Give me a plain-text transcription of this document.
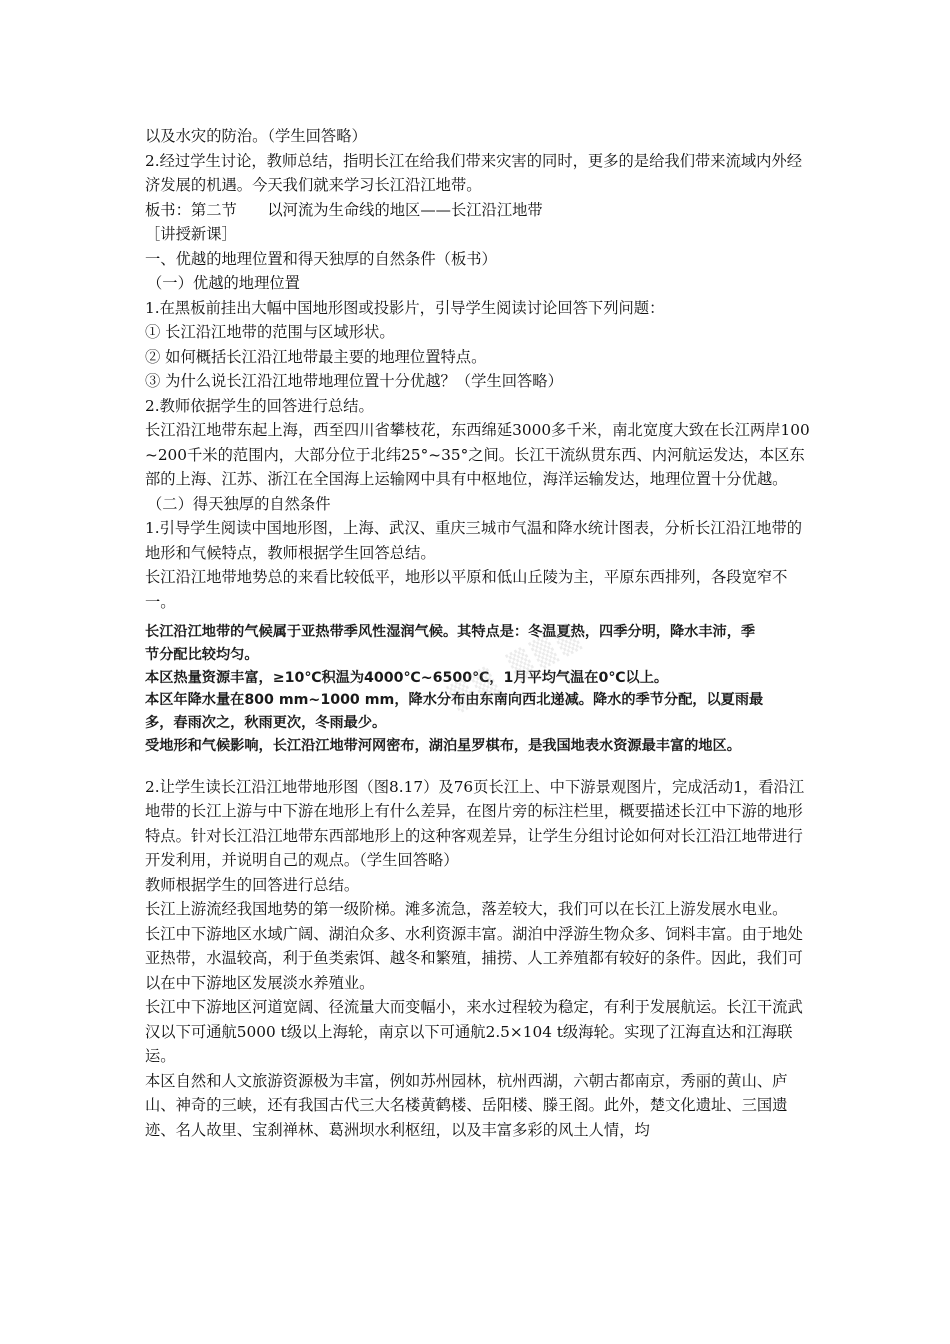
以及水灾的防治。（学生回答略）

2.经过学生讨论，教师总结，指明长江在给我们带来灾害的同时，更多的是给我们带来流域内外经济发展的机遇。今天我们就来学习长江沿江地带。

板书：第二节　　以河流为生命线的地区——长江沿江地带

［讲授新课］

一、优越的地理位置和得天独厚的自然条件（板书）

（一）优越的地理位置

1.在黑板前挂出大幅中国地形图或投影片，引导学生阅读讨论回答下列问题：

① 长江沿江地带的范围与区域形状。

② 如何概括长江沿江地带最主要的地理位置特点。

③ 为什么说长江沿江地带地理位置十分优越？（学生回答略）

2.教师依据学生的回答进行总结。

长江沿江地带东起上海，西至四川省攀枝花，东西绵延3000多千米，南北宽度大致在长江两岸100~200千米的范围内，大部分位于北纬25°~35°之间。长江干流纵贯东西、内河航运发达，本区东部的上海、江苏、浙江在全国海上运输网中具有中枢地位，海洋运输发达，地理位置十分优越。

（二）得天独厚的自然条件

1.引导学生阅读中国地形图，上海、武汉、重庆三城市气温和降水统计图表，分析长江沿江地带的地形和气候特点，教师根据学生回答总结。

长江沿江地带地势总的来看比较低平，地形以平原和低山丘陵为主，平原东西排列，各段宽窄不一。

▒▒ ▒▒▒

长江沿江地带的气候属于亚热带季风性湿润气候。其特点是：冬温夏热，四季分明，降水丰沛，季节分配比较均匀。

本区热量资源丰富，≥10℃积温为4000℃~6500℃，1月平均气温在0℃以上。

本区年降水量在800 mm~1000 mm，降水分布由东南向西北递减。降水的季节分配，以夏雨最多，春雨次之，秋雨更次，冬雨最少。

受地形和气候影响，长江沿江地带河网密布，湖泊星罗棋布，是我国地表水资源最丰富的地区。

2.让学生读长江沿江地带地形图（图8.17）及76页长江上、中下游景观图片，完成活动1，看沿江地带的长江上游与中下游在地形上有什么差异，在图片旁的标注栏里，概要描述长江中下游的地形特点。针对长江沿江地带东西部地形上的这种客观差异，让学生分组讨论如何对长江沿江地带进行开发利用，并说明自己的观点。（学生回答略）

教师根据学生的回答进行总结。

长江上游流经我国地势的第一级阶梯。滩多流急，落差较大，我们可以在长江上游发展水电业。

长江中下游地区水域广阔、湖泊众多、水利资源丰富。湖泊中浮游生物众多、饲料丰富。由于地处亚热带，水温较高，利于鱼类索饵、越冬和繁殖，捕捞、人工养殖都有较好的条件。因此，我们可以在中下游地区发展淡水养殖业。

长江中下游地区河道宽阔、径流量大而变幅小，来水过程较为稳定，有利于发展航运。长江干流武汉以下可通航5000 t级以上海轮，南京以下可通航2.5×104 t级海轮。实现了江海直达和江海联运。

本区自然和人文旅游资源极为丰富，例如苏州园林，杭州西湖，六朝古都南京，秀丽的黄山、庐山、神奇的三峡，还有我国古代三大名楼黄鹤楼、岳阳楼、滕王阁。此外，楚文化遗址、三国遗迹、名人故里、宝刹禅林、葛洲坝水利枢纽，以及丰富多彩的风土人情，均
